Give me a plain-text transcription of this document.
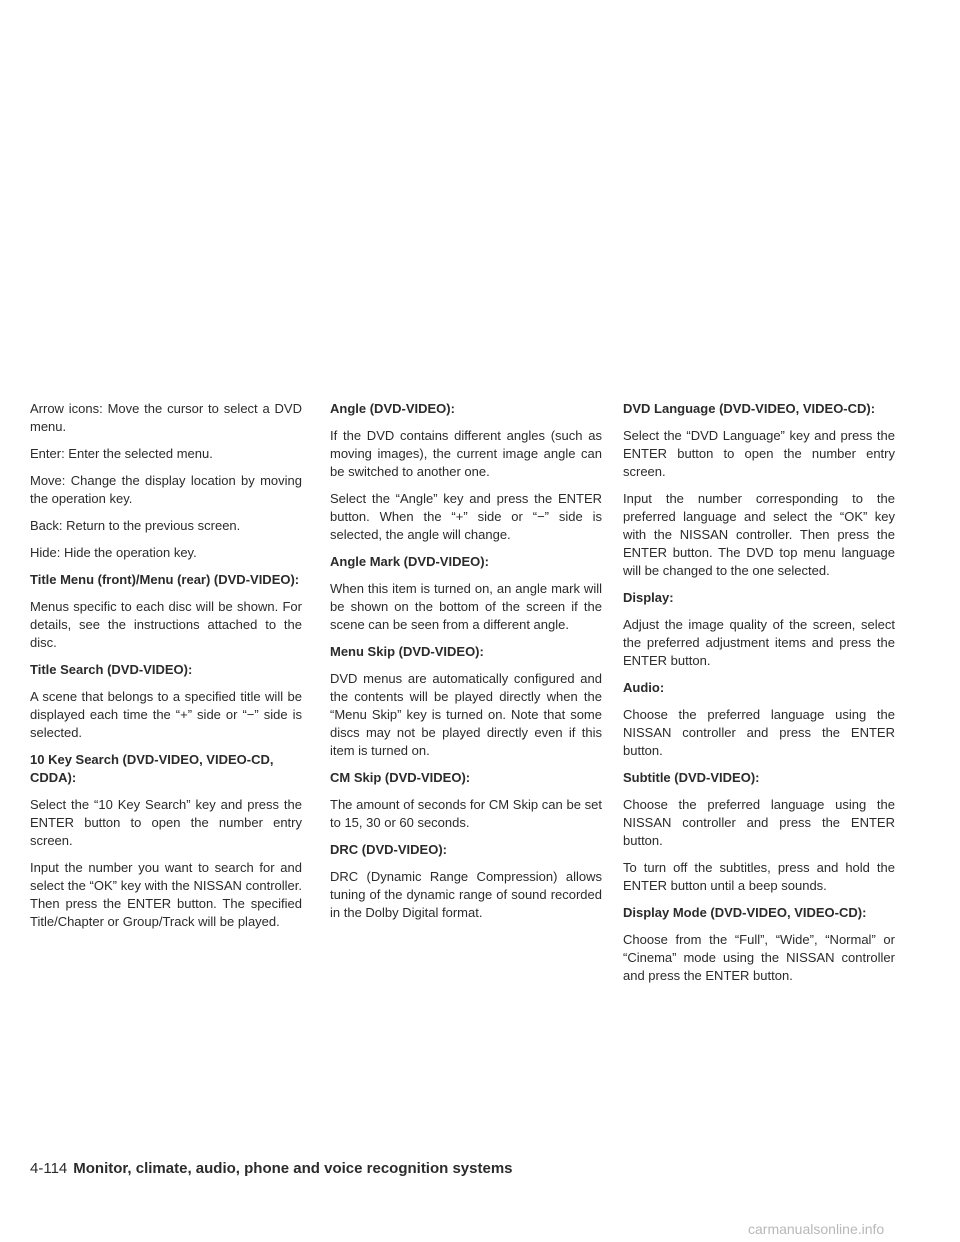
Arrow icons: Move the cursor to select a DVD menu.

Enter: Enter the selected menu.

Move: Change the display location by moving the operation key.

Back: Return to the previous screen.

Hide: Hide the operation key.

Title Menu (front)/Menu (rear) (DVD-VIDEO):

Menus specific to each disc will be shown. For details, see the instructions attached to the disc.

Title Search (DVD-VIDEO):

A scene that belongs to a specified title will be displayed each time the “+” side or “−” side is selected.

10 Key Search (DVD-VIDEO, VIDEO-CD, CDDA):

Select the “10 Key Search” key and press the ENTER button to open the number entry screen.

Input the number you want to search for and select the “OK” key with the NISSAN controller. Then press the ENTER button. The specified Title/Chapter or Group/Track will be played.

Angle (DVD-VIDEO):

If the DVD contains different angles (such as moving images), the current image angle can be switched to another one.

Select the “Angle” key and press the ENTER button. When the “+” side or “−” side is selected, the angle will change.

Angle Mark (DVD-VIDEO):

When this item is turned on, an angle mark will be shown on the bottom of the screen if the scene can be seen from a different angle.

Menu Skip (DVD-VIDEO):

DVD menus are automatically configured and the contents will be played directly when the “Menu Skip” key is turned on. Note that some discs may not be played directly even if this item is turned on.

CM Skip (DVD-VIDEO):

The amount of seconds for CM Skip can be set to 15, 30 or 60 seconds.

DRC (DVD-VIDEO):

DRC (Dynamic Range Compression) allows tuning of the dynamic range of sound recorded in the Dolby Digital format.

DVD Language (DVD-VIDEO, VIDEO-CD):

Select the “DVD Language” key and press the ENTER button to open the number entry screen.

Input the number corresponding to the preferred language and select the “OK” key with the NISSAN controller. Then press the ENTER button. The DVD top menu language will be changed to the one selected.

Display:

Adjust the image quality of the screen, select the preferred adjustment items and press the ENTER button.

Audio:

Choose the preferred language using the NISSAN controller and press the ENTER button.

Subtitle (DVD-VIDEO):

Choose the preferred language using the NISSAN controller and press the ENTER button.

To turn off the subtitles, press and hold the ENTER button until a beep sounds.

Display Mode (DVD-VIDEO, VIDEO-CD):

Choose from the “Full”, “Wide”, “Normal” or “Cinema” mode using the NISSAN controller and press the ENTER button.

4-114 Monitor, climate, audio, phone and voice recognition systems
carmanualsonline.info
